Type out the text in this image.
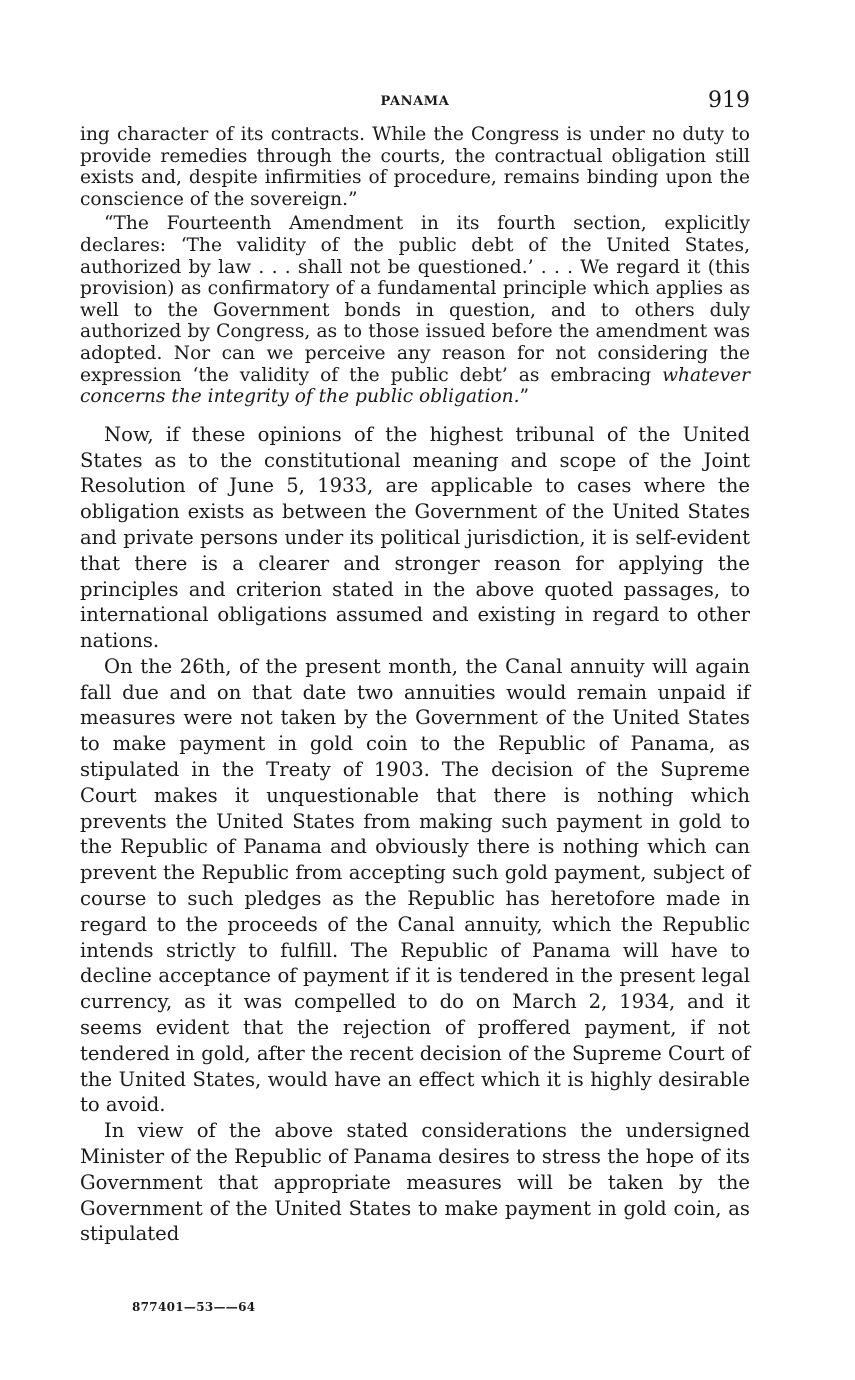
PANAMA	919

ing character of its contracts. While the Congress is under no duty to provide remedies through the courts, the contractual obligation still exists and, despite infirmities of procedure, remains binding upon the conscience of the sovereign.”

“The Fourteenth Amendment in its fourth section, explicitly declares: ‘The validity of the public debt of the United States, authorized by law . . . shall not be questioned.’ . . . We regard it (this provision) as confirmatory of a fundamental principle which applies as well to the Government bonds in question, and to others duly authorized by Congress, as to those issued before the amendment was adopted. Nor can we perceive any reason for not considering the expression ‘the validity of the public debt’ as embracing whatever concerns the integrity of the public obligation.”

Now, if these opinions of the highest tribunal of the United States as to the constitutional meaning and scope of the Joint Resolution of June 5, 1933, are applicable to cases where the obligation exists as between the Government of the United States and private persons under its political jurisdiction, it is self-evident that there is a clearer and stronger reason for applying the principles and criterion stated in the above quoted passages, to international obligations assumed and existing in regard to other nations.

On the 26th, of the present month, the Canal annuity will again fall due and on that date two annuities would remain unpaid if measures were not taken by the Government of the United States to make payment in gold coin to the Republic of Panama, as stipulated in the Treaty of 1903. The decision of the Supreme Court makes it unquestionable that there is nothing which prevents the United States from making such payment in gold to the Republic of Panama and obviously there is nothing which can prevent the Republic from accepting such gold payment, subject of course to such pledges as the Republic has heretofore made in regard to the proceeds of the Canal annuity, which the Republic intends strictly to fulfill. The Republic of Panama will have to decline acceptance of payment if it is tendered in the present legal currency, as it was compelled to do on March 2, 1934, and it seems evident that the rejection of proffered payment, if not tendered in gold, after the recent decision of the Supreme Court of the United States, would have an effect which it is highly desirable to avoid.

In view of the above stated considerations the undersigned Minister of the Republic of Panama desires to stress the hope of its Government that appropriate measures will be taken by the Government of the United States to make payment in gold coin, as stipulated

877401—53——64
